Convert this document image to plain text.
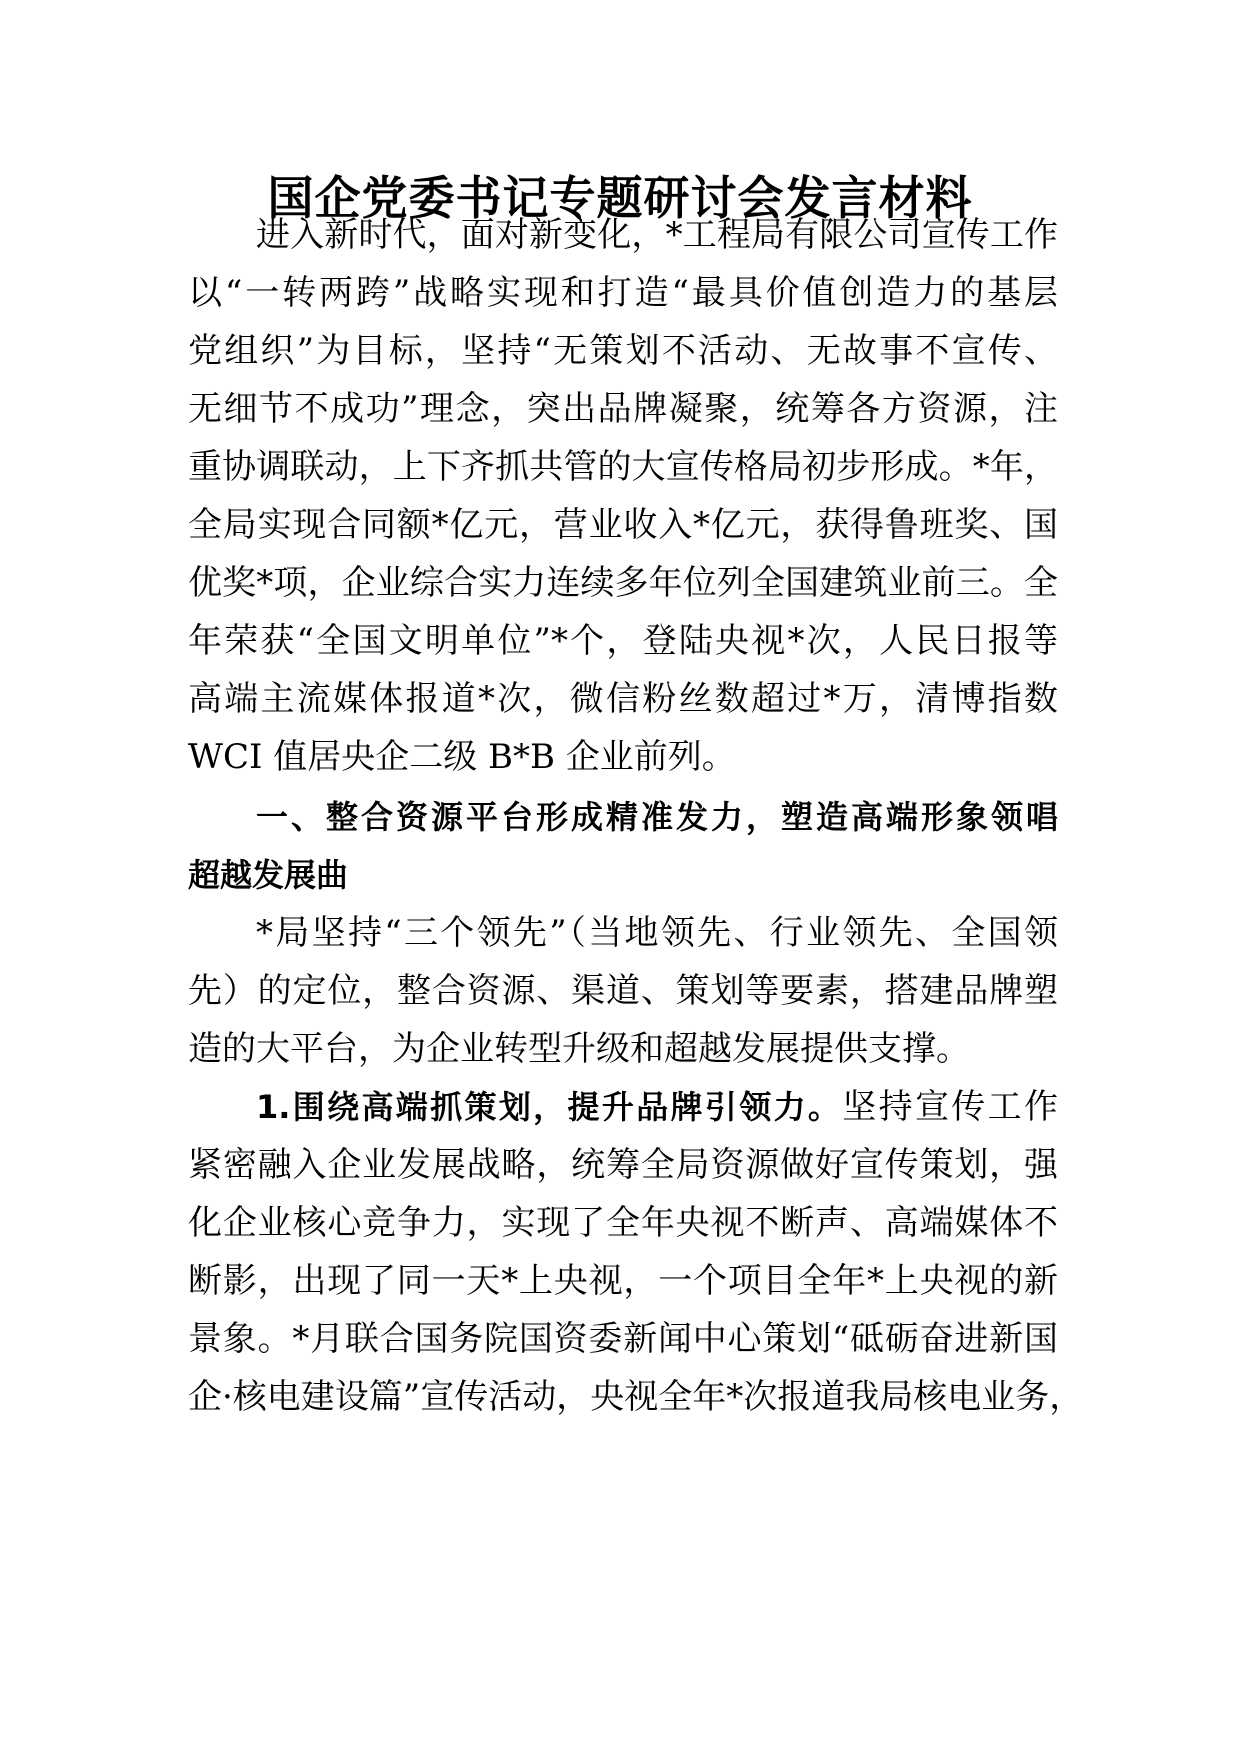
国企党委书记专题研讨会发言材料
进入新时代，面对新变化，*工程局有限公司宣传工作
以“一转两跨”战略实现和打造“最具价值创造力的基层
党组织”为目标，坚持“无策划不活动、无故事不宣传、
无细节不成功”理念，突出品牌凝聚，统筹各方资源，注
重协调联动，上下齐抓共管的大宣传格局初步形成。*年，
全局实现合同额*亿元，营业收入*亿元，获得鲁班奖、国
优奖*项，企业综合实力连续多年位列全国建筑业前三。全
年荣获“全国文明单位”*个，登陆央视*次，人民日报等
高端主流媒体报道*次，微信粉丝数超过*万，清博指数
WCI 值居央企二级 B*B 企业前列。
一、整合资源平台形成精准发力，塑造高端形象领唱
超越发展曲
*局坚持“三个领先”（当地领先、行业领先、全国领
先）的定位，整合资源、渠道、策划等要素，搭建品牌塑
造的大平台，为企业转型升级和超越发展提供支撑。
1.围绕高端抓策划，提升品牌引领力。坚持宣传工作
紧密融入企业发展战略，统筹全局资源做好宣传策划，强
化企业核心竞争力，实现了全年央视不断声、高端媒体不
断影，出现了同一天*上央视，一个项目全年*上央视的新
景象。*月联合国务院国资委新闻中心策划“砥砺奋进新国
企·核电建设篇”宣传活动，央视全年*次报道我局核电业务，
